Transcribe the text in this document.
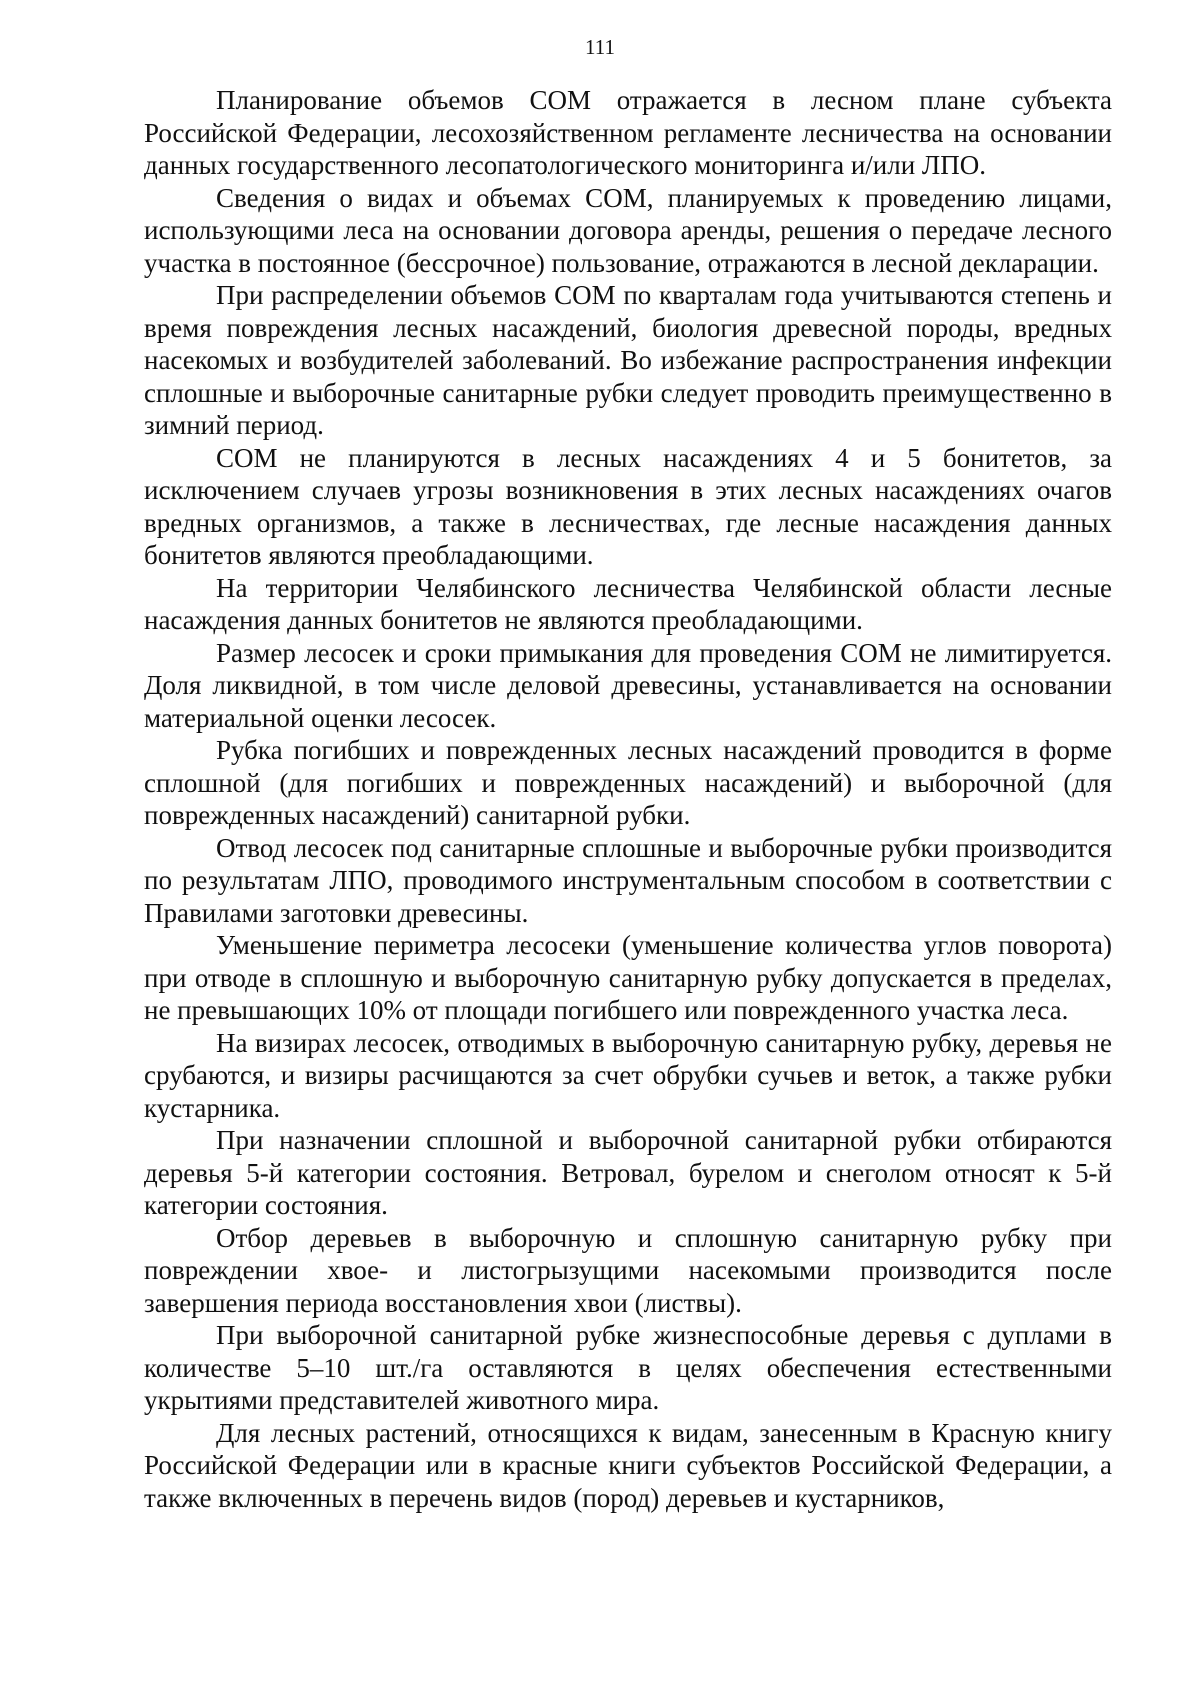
111

Планирование объемов СОМ отражается в лесном плане субъекта Российской Федерации, лесохозяйственном регламенте лесничества на основании данных государственного лесопатологического мониторинга и/или ЛПО.

Сведения о видах и объемах СОМ, планируемых к проведению лицами, использующими леса на основании договора аренды, решения о передаче лесного участка в постоянное (бессрочное) пользование, отражаются в лесной декларации.

При распределении объемов СОМ по кварталам года учитываются степень и время повреждения лесных насаждений, биология древесной породы, вредных насекомых и возбудителей заболеваний. Во избежание распространения инфекции сплошные и выборочные санитарные рубки следует проводить преимущественно в зимний период.

СОМ не планируются в лесных насаждениях 4 и 5 бонитетов, за исключением случаев угрозы возникновения в этих лесных насаждениях очагов вредных организмов, а также в лесничествах, где лесные насаждения данных бонитетов являются преобладающими.

На территории Челябинского лесничества Челябинской области лесные насаждения данных бонитетов не являются преобладающими.

Размер лесосек и сроки примыкания для проведения СОМ не лимитируется. Доля ликвидной, в том числе деловой древесины, устанавливается на основании материальной оценки лесосек.

Рубка погибших и поврежденных лесных насаждений проводится в форме сплошной (для погибших и поврежденных насаждений) и выборочной (для поврежденных насаждений) санитарной рубки.

Отвод лесосек под санитарные сплошные и выборочные рубки производится по результатам ЛПО, проводимого инструментальным способом в соответствии с Правилами заготовки древесины.

Уменьшение периметра лесосеки (уменьшение количества углов поворота) при отводе в сплошную и выборочную санитарную рубку допускается в пределах, не превышающих 10% от площади погибшего или поврежденного участка леса.

На визирах лесосек, отводимых в выборочную санитарную рубку, деревья не срубаются, и визиры расчищаются за счет обрубки сучьев и веток, а также рубки кустарника.

При назначении сплошной и выборочной санитарной рубки отбираются деревья 5-й категории состояния. Ветровал, бурелом и снеголом относят к 5-й категории состояния.

Отбор деревьев в выборочную и сплошную санитарную рубку при повреждении хвое- и листогрызущими насекомыми производится после завершения периода восстановления хвои (листвы).

При выборочной санитарной рубке жизнеспособные деревья с дуплами в количестве 5–10 шт./га оставляются в целях обеспечения естественными укрытиями представителей животного мира.

Для лесных растений, относящихся к видам, занесенным в Красную книгу Российской Федерации или в красные книги субъектов Российской Федерации, а также включенных в перечень видов (пород) деревьев и кустарников,
